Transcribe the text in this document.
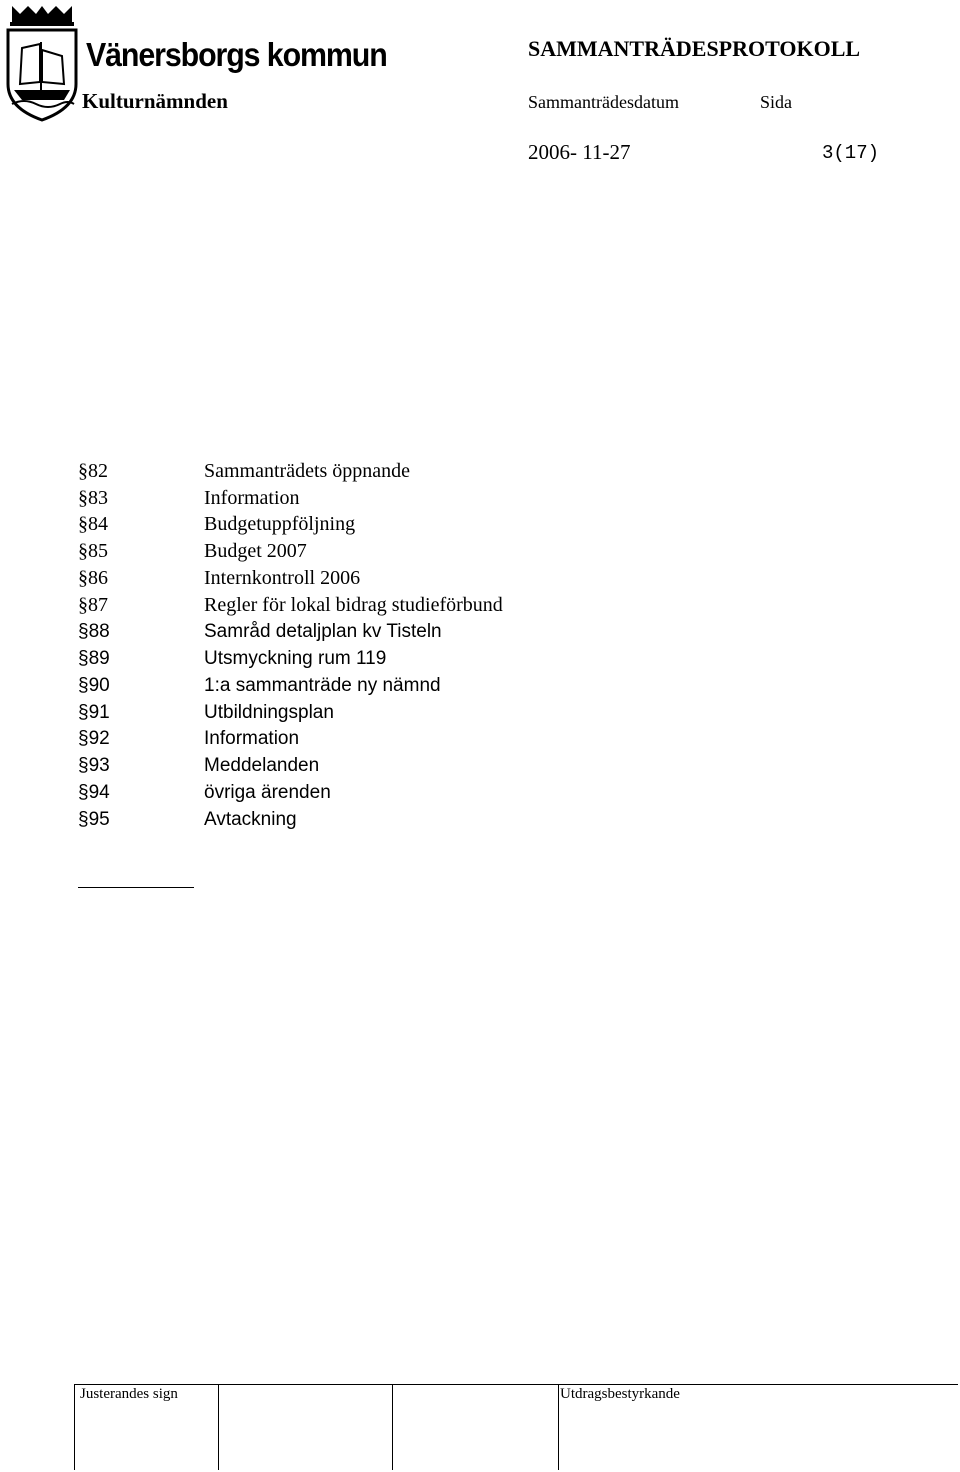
Vänersborgs kommun	SAMMANTRÄDESPROTOKOLL
Kulturnämnden	Sammanträdesdatum	Sida
2006- 11-27	3(17)
§82	Sammanträdets öppnande
§83	Information
§84	Budgetuppföljning
§85	Budget 2007
§86	Internkontroll 2006
§87	Regler för lokal bidrag studieförbund
§88	Samråd detaljplan kv Tisteln
§89	Utsmyckning rum 119
§90	1:a sammanträde ny nämnd
§91	Utbildningsplan
§92	Information
§93	Meddelanden
§94	övriga ärenden
§95	Avtackning
Justerandes sign	Utdragsbestyrkande
